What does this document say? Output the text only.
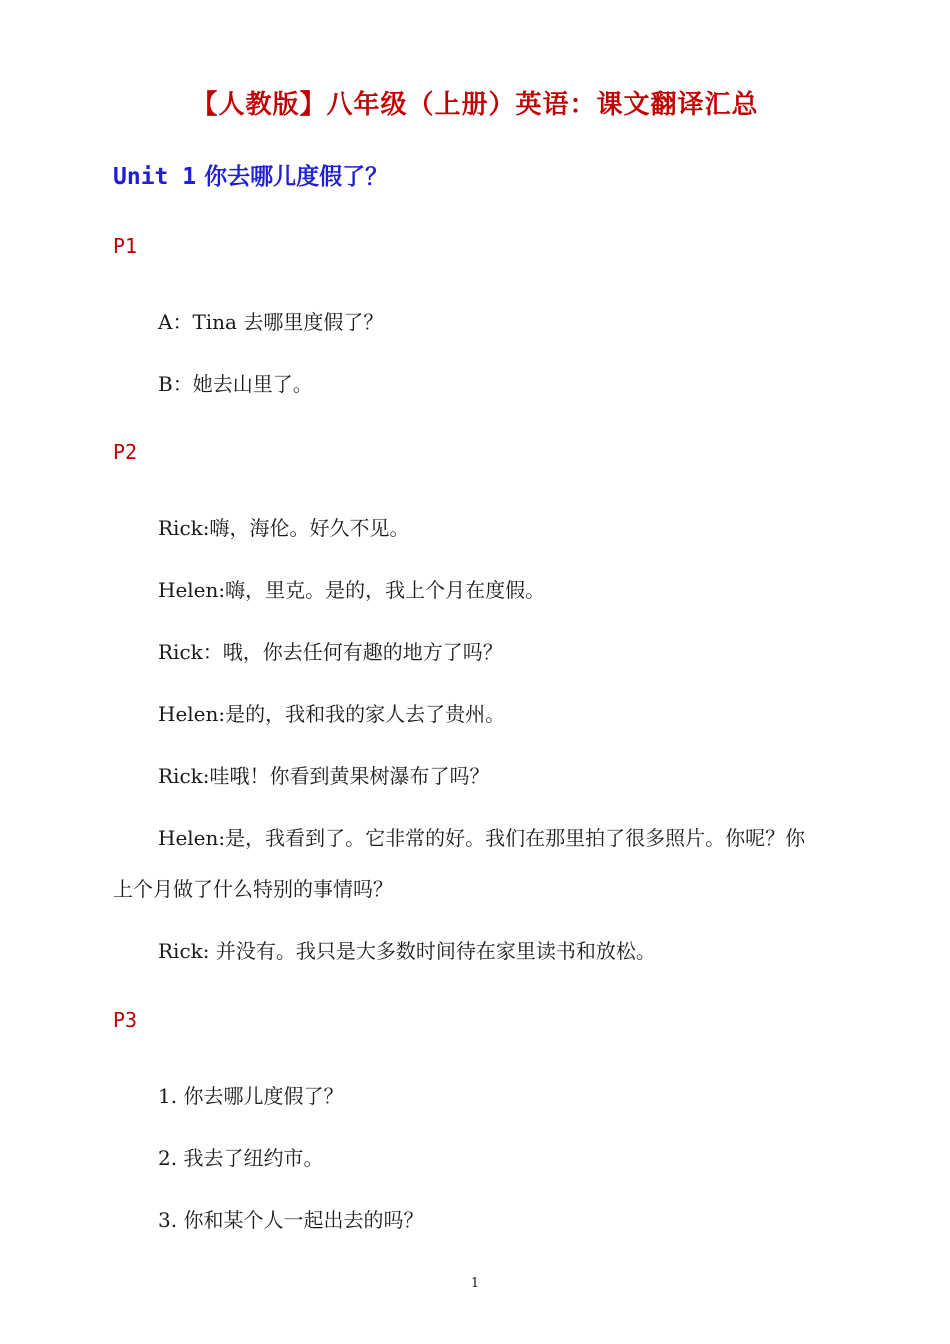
【人教版】八年级（上册）英语：课文翻译汇总
Unit 1 你去哪儿度假了？
P1
A：Tina 去哪里度假了？
B：她去山里了。
P2
Rick:嗨，海伦。好久不见。
Helen:嗨，里克。是的，我上个月在度假。
Rick：哦，你去任何有趣的地方了吗？
Helen:是的，我和我的家人去了贵州。
Rick:哇哦！你看到黄果树瀑布了吗？
Helen:是，我看到了。它非常的好。我们在那里拍了很多照片。你呢？你
上个月做了什么特别的事情吗？
Rick: 并没有。我只是大多数时间待在家里读书和放松。
P3
1. 你去哪儿度假了？
2. 我去了纽约市。
3. 你和某个人一起出去的吗？
1
